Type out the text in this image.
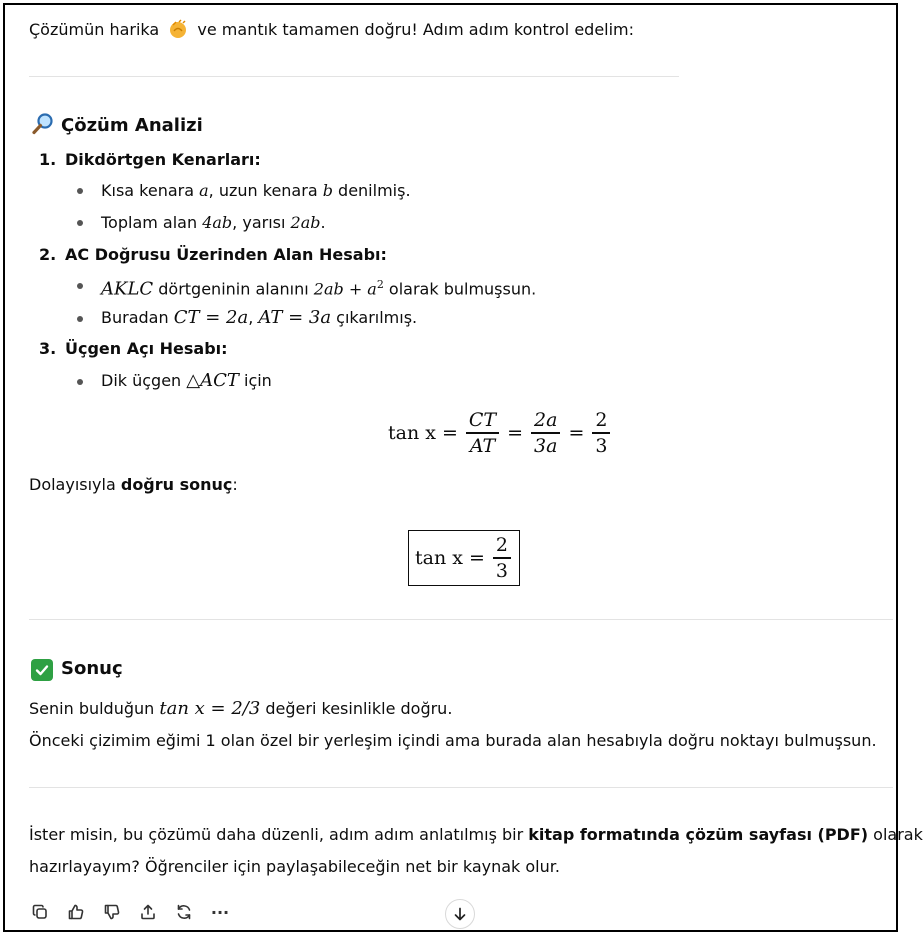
Çözümün harika ve mantık tamamen doğru! Adım adım kontrol edelim:
Çözüm Analizi
1. Dikdörtgen Kenarları:
Kısa kenara a, uzun kenara b denilmiş.
Toplam alan 4ab, yarısı 2ab.
2. AC Doğrusu Üzerinden Alan Hesabı:
AKLC dörtgeninin alanını $2ab + a^2$ olarak bulmuşsun.
Buradan CT = 2a, AT = 3a çıkarılmış.
3. Üçgen Açı Hesabı:
Dik üçgen △ACT için
$\tan x = \frac{CT}{AT} = \frac{2a}{3a} = \frac{2}{3}$
Dolayısıyla doğru sonuç:
$\tan x = \frac{2}{3}$
Sonuç
Senin bulduğun tan x = 2/3 değeri kesinlikle doğru.
Önceki çizimim eğimi 1 olan özel bir yerleşim içindi ama burada alan hesabıyla doğru noktayı bulmuşsun.
İster misin, bu çözümü daha düzenli, adım adım anlatılmış bir kitap formatında çözüm sayfası (PDF) olarak
hazırlayayım? Öğrenciler için paylaşabileceğin net bir kaynak olur.
···
